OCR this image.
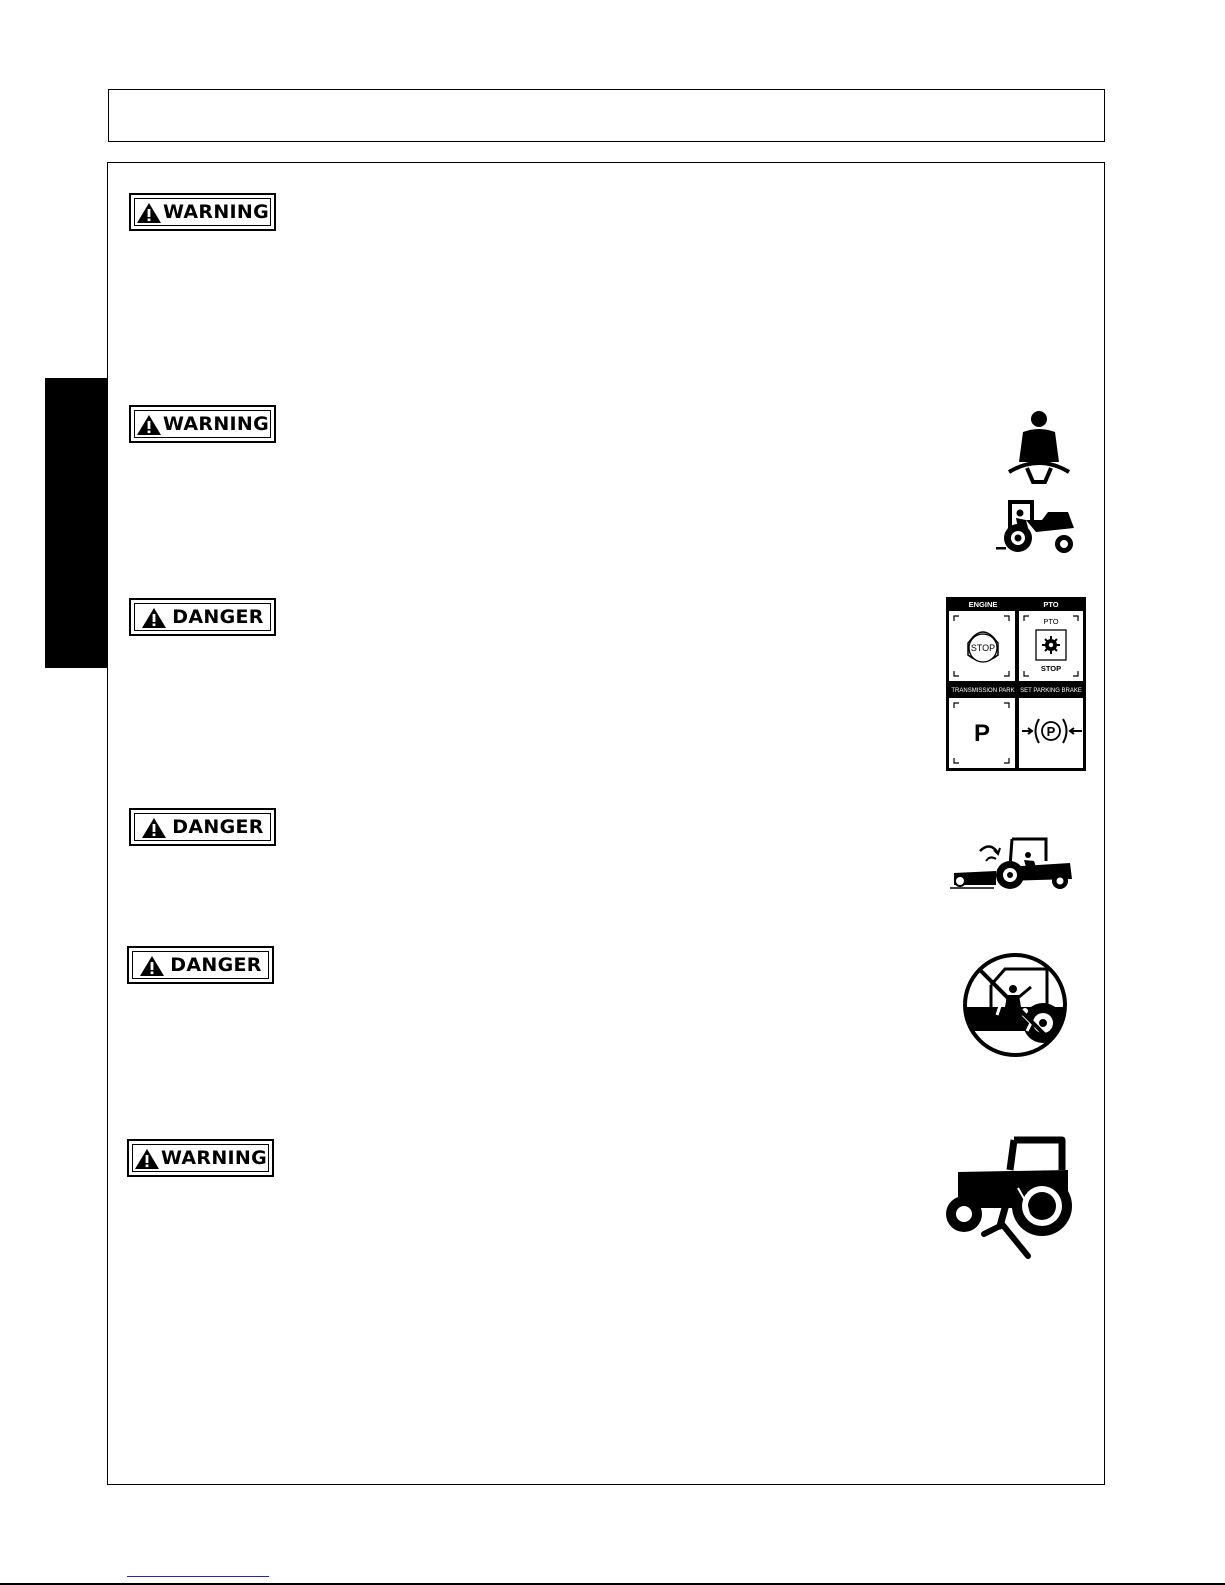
WARNING
WARNING
DANGER
ENGINE	PTO
TRANSMISSION PARK SET PARKING BRAKE
STOP
PTO
STOP
P	P
DANGER
DANGER
WARNING
